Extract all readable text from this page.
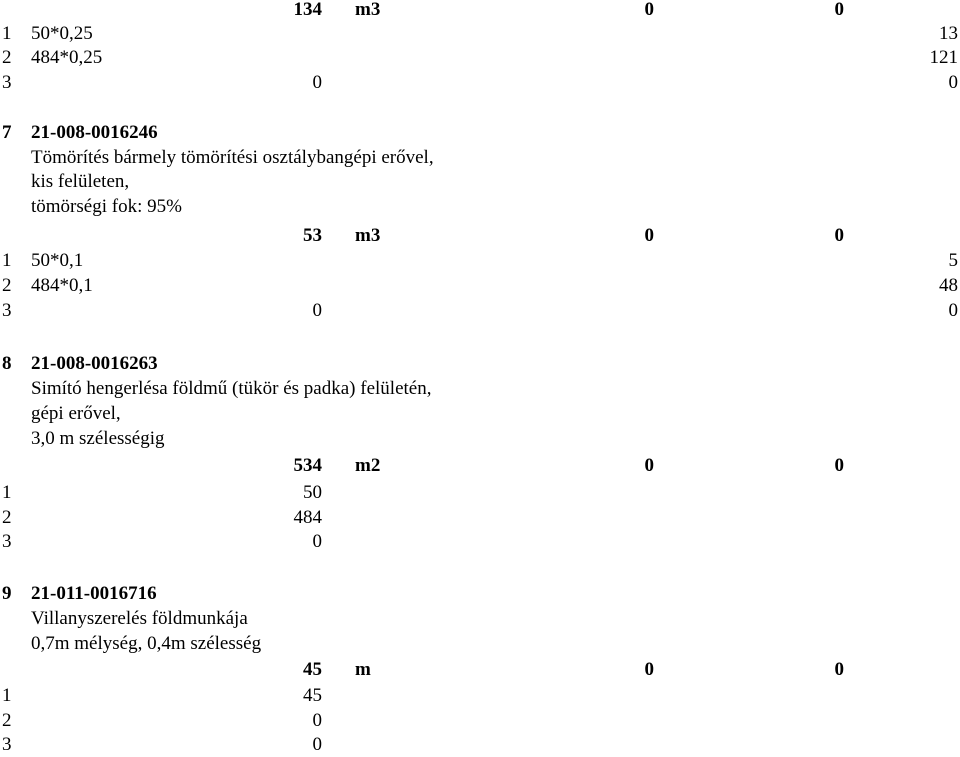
134 m3	0	0
1 50*0,25	13
2 484*0,25	121
3	0	0
7 21-008-0016246
Tömörítés bármely tömörítési osztálybangépi erővel,
kis felületen,
tömörségi fok: 95%
53 m3	0	0
1 50*0,1	5
2 484*0,1	48
3	0	0
8 21-008-0016263
Simító hengerlésa földmű (tükör és padka) felületén,
gépi erővel,
3,0 m szélességig
534 m2	0	0
1	50
2	484
3	0
9 21-011-0016716
Villanyszerelés földmunkája
0,7m mélység, 0,4m szélesség
45 m	0	0
1	45
2	0
3	0
